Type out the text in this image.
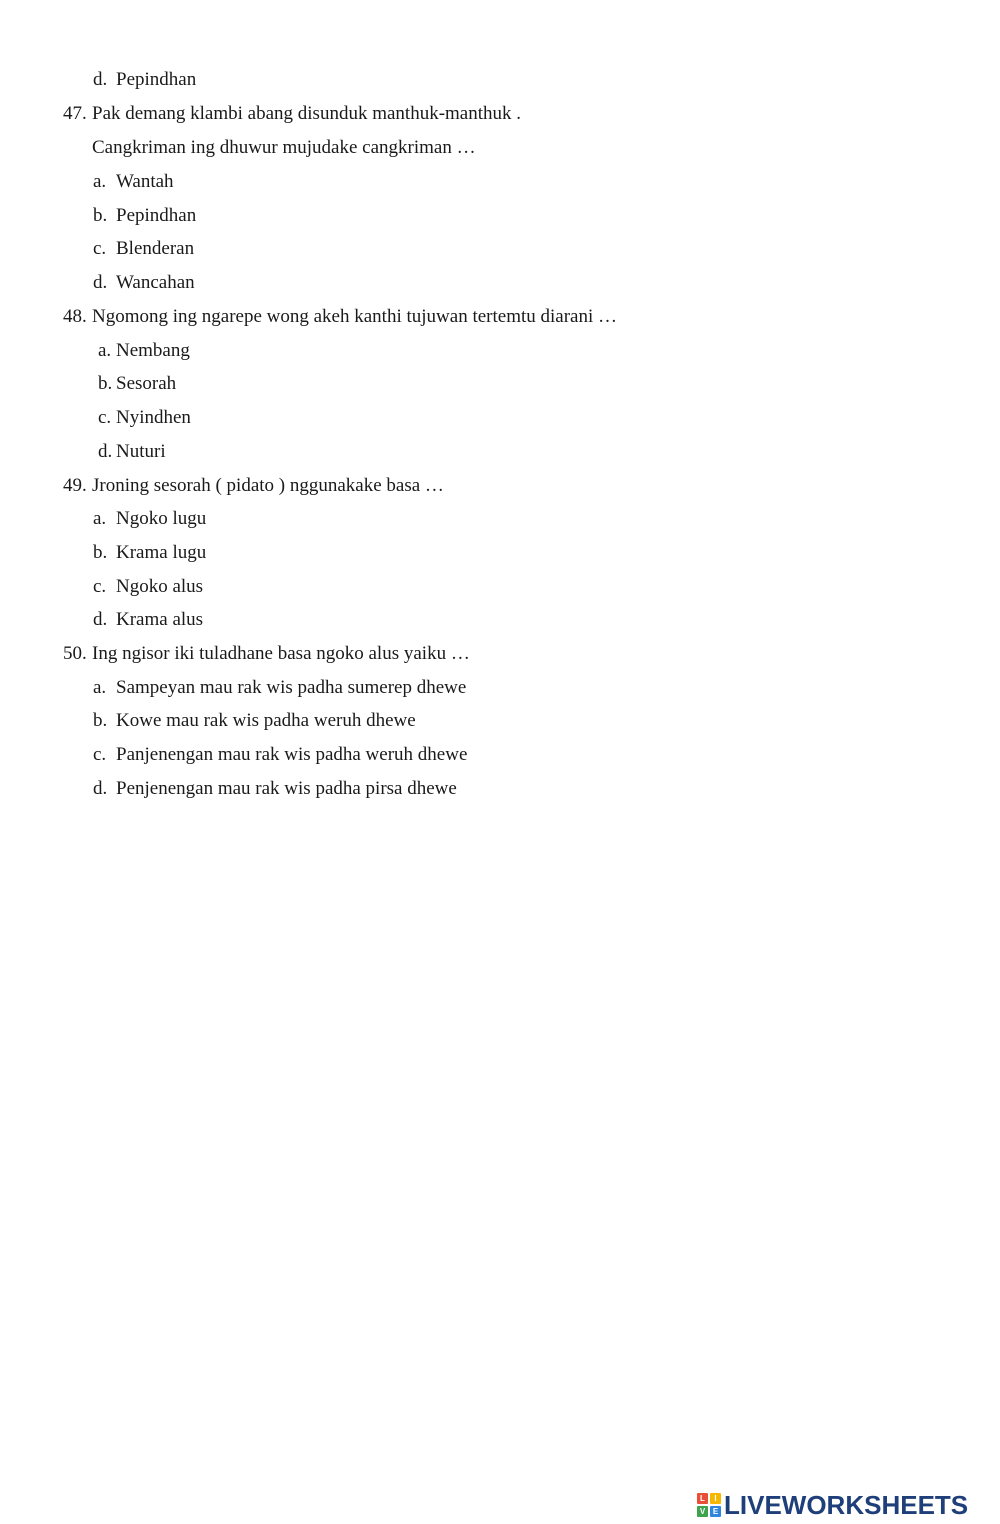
d. Pepindhan
47. Pak demang klambi abang disunduk manthuk-manthuk .
Cangkriman ing dhuwur mujudake cangkriman …
a. Wantah
b. Pepindhan
c. Blenderan
d. Wancahan
48. Ngomong ing ngarepe wong akeh kanthi tujuwan tertemtu diarani …
a. Nembang
b. Sesorah
c. Nyindhen
d. Nuturi
49. Jroning sesorah ( pidato ) nggunakake basa …
a. Ngoko lugu
b. Krama lugu
c. Ngoko alus
d. Krama alus
50. Ing ngisor iki tuladhane basa ngoko alus yaiku …
a. Sampeyan mau rak wis padha sumerep dhewe
b. Kowe mau rak wis padha weruh dhewe
c. Panjenengan mau rak wis padha weruh dhewe
d. Penjenengan mau rak wis padha pirsa dhewe
L	I
V E LIVEWORKSHEETS
